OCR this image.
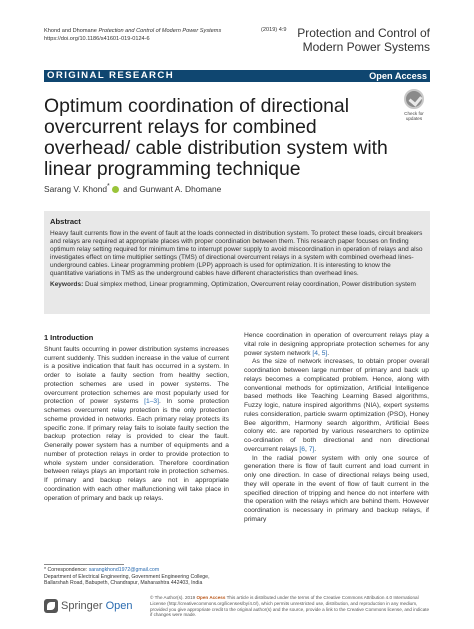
Khond and Dhomane Protection and Control of Modern Power Systems
https://doi.org/10.1186/s41601-019-0124-6
(2019) 4:9 Protection and Control of Modern Power Systems
ORIGINAL RESEARCH	Open Access
Optimum coordination of directional overcurrent relays for combined overhead/ cable distribution system with linear programming technique
Check for
updates
Sarang V. Khond* and Gunwant A. Dhomane
Abstract

Heavy fault currents flow in the event of fault at the loads connected in distribution system. To protect these loads, circuit breakers and relays are required at appropriate places with proper coordination between them. This research paper focuses on finding optimum relay setting required for minimum time to interrupt power supply to avoid miscoordination in operation of relays and also investigates effect on time multiplier settings (TMS) of directional overcurrent relays in a system with combined overhead lines-underground cables. Linear programming problem (LPP) approach is used for optimization. It is interesting to know the quantitative variations in TMS as the underground cables have different characteristics than overhead lines.

Keywords: Dual simplex method, Linear programming, Optimization, Overcurrent relay coordination, Power distribution system

1 Introduction

Shunt faults occurring in power distribution systems increases current suddenly. This sudden increase in the value of current is a positive indication that fault has occurred in a system. In order to isolate a faulty section from healthy section, protection schemes are used in power systems. The overcurrent protection schemes are most popularly used for protection of power systems [1–3]. In some protection schemes overcurrent relay protection is the only protection scheme provided in networks. Each primary relay protects its specific zone. If primary relay fails to isolate faulty section the backup protection relay is provided to clear the fault. Generally power system has a number of equipments and a number of protection relays in order to provide protection to whole system under consideration. Therefore coordination between relays plays an important role in protection schemes. If primary and backup relays are not in appropriate coordination with each other malfunctioning will take place in operation of primary and back up relays.

Hence coordination in operation of overcurrent relays play a vital role in designing appropriate protection schemes for any power system network [4, 5].

As the size of network increases, to obtain proper overall coordination between large number of primary and back up relays becomes a complicated problem. Hence, along with conventional methods for optimization, Artificial Intelligence based methods like Teaching Learning Based algorithms, Fuzzy logic, nature inspired algorithms (NIA), expert systems rules consideration, particle swarm optimization (PSO), Honey Bee algorithm, Harmony search algorithm, Artificial Bees colony etc. are reported by various researchers to optimize co-ordination of both directional and non directional overcurrent relays [6, 7].

In the radial power system with only one source of generation there is flow of fault current and load current in only one direction. In case of directional relays being used, they will operate in the event of flow of fault current in the specified direction of tripping and hence do not interfere with the operation with the relays which are behind them. However coordination is necessary in primary and backup relays, if primary

* Correspondence: sarangkhond1972@gmail.com
Department of Electrical Engineering, Government Engineering College, Ballarshah Road, Babupeth, Chandrapur, Maharashtra 442403, India
Springer Open
© The Author(s). 2019 Open Access This article is distributed under the terms of the Creative Commons Attribution 4.0 International License (http://creativecommons.org/licenses/by/4.0/), which permits unrestricted use, distribution, and reproduction in any medium, provided you give appropriate credit to the original author(s) and the source, provide a link to the Creative Commons license, and indicate if changes were made.
